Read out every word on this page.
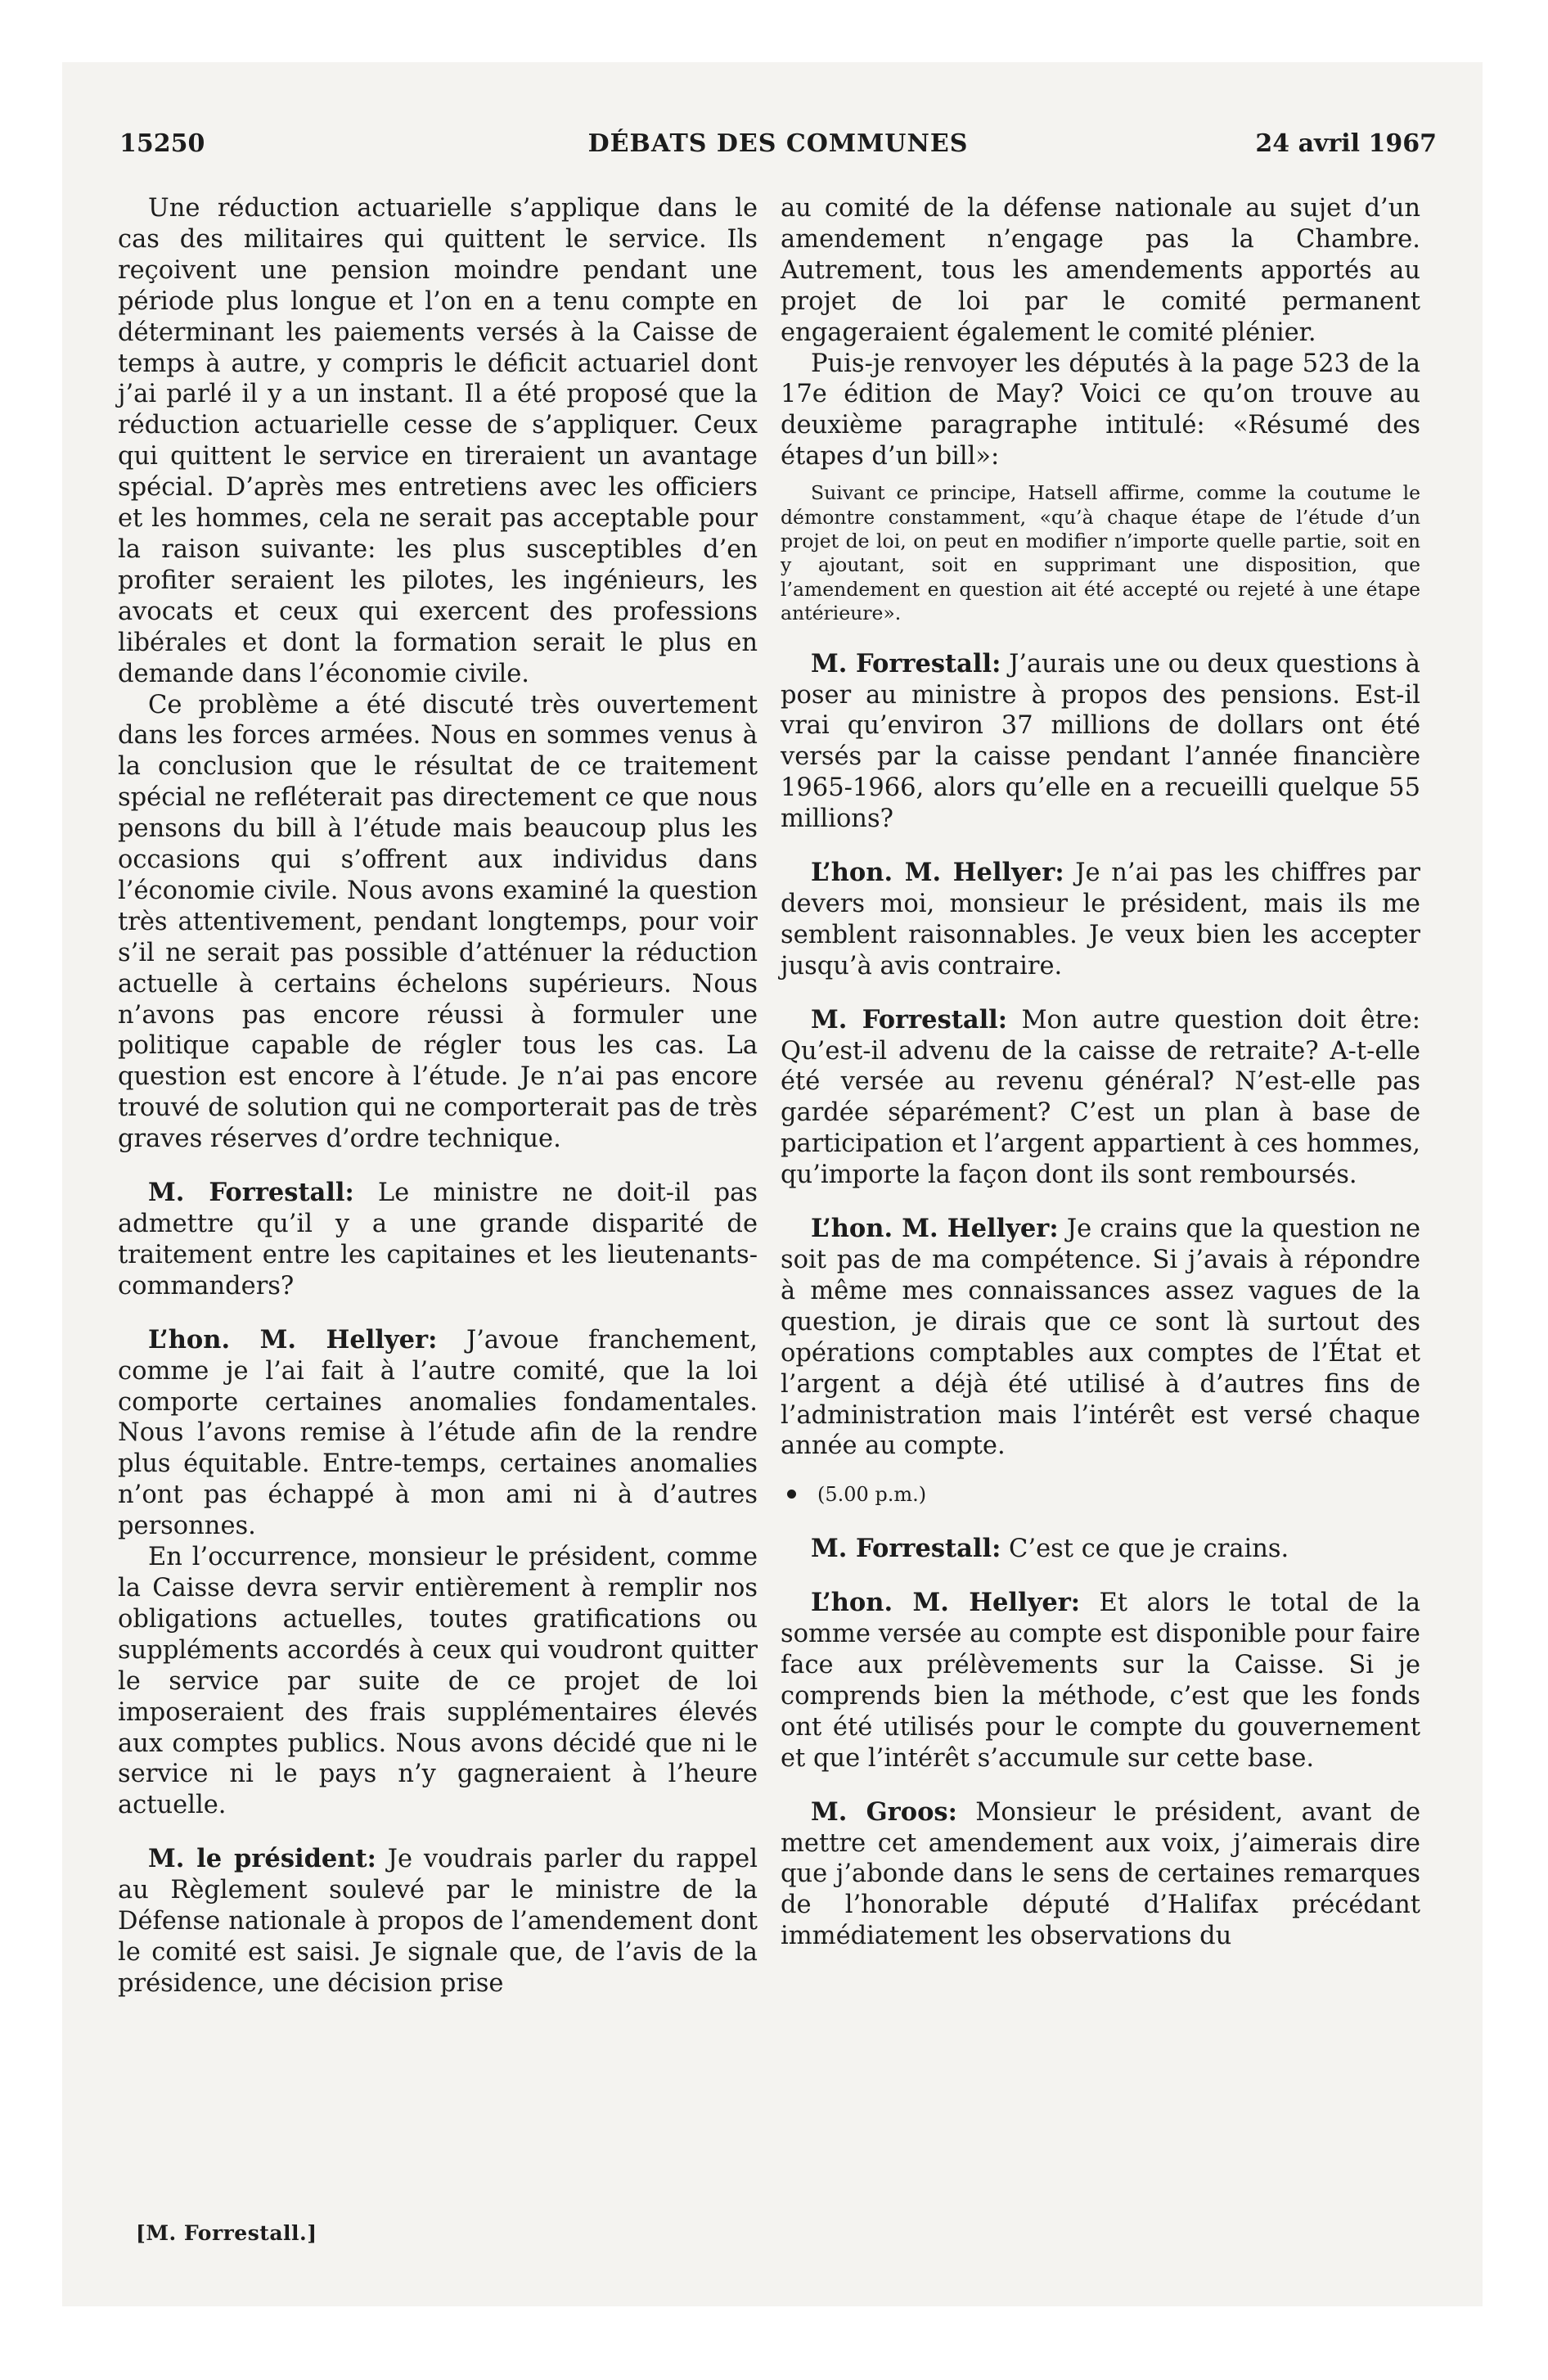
15250	DÉBATS DES COMMUNES	24 avril 1967

Une réduction actuarielle s’applique dans le cas des militaires qui quittent le service. Ils reçoivent une pension moindre pendant une période plus longue et l’on en a tenu compte en déterminant les paiements versés à la Caisse de temps à autre, y compris le déficit actuariel dont j’ai parlé il y a un instant. Il a été proposé que la réduction actuarielle cesse de s’appliquer. Ceux qui quittent le service en tireraient un avantage spécial. D’après mes entretiens avec les officiers et les hommes, cela ne serait pas acceptable pour la raison suivante: les plus susceptibles d’en profiter seraient les pilotes, les ingénieurs, les avocats et ceux qui exercent des professions libérales et dont la formation serait le plus en demande dans l’économie civile.

Ce problème a été discuté très ouvertement dans les forces armées. Nous en sommes venus à la conclusion que le résultat de ce traitement spécial ne refléterait pas directement ce que nous pensons du bill à l’étude mais beaucoup plus les occasions qui s’offrent aux individus dans l’économie civile. Nous avons examiné la question très attentivement, pendant longtemps, pour voir s’il ne serait pas possible d’atténuer la réduction actuelle à certains échelons supérieurs. Nous n’avons pas encore réussi à formuler une politique capable de régler tous les cas. La question est encore à l’étude. Je n’ai pas encore trouvé de solution qui ne comporterait pas de très graves réserves d’ordre technique.

M. Forrestall: Le ministre ne doit-il pas admettre qu’il y a une grande disparité de traitement entre les capitaines et les lieutenants-commanders?

L’hon. M. Hellyer: J’avoue franchement, comme je l’ai fait à l’autre comité, que la loi comporte certaines anomalies fondamentales. Nous l’avons remise à l’étude afin de la rendre plus équitable. Entre-temps, certaines anomalies n’ont pas échappé à mon ami ni à d’autres personnes.

En l’occurrence, monsieur le président, comme la Caisse devra servir entièrement à remplir nos obligations actuelles, toutes gratifications ou suppléments accordés à ceux qui voudront quitter le service par suite de ce projet de loi imposeraient des frais supplémentaires élevés aux comptes publics. Nous avons décidé que ni le service ni le pays n’y gagneraient à l’heure actuelle.

M. le président: Je voudrais parler du rappel au Règlement soulevé par le ministre de la Défense nationale à propos de l’amendement dont le comité est saisi. Je signale que, de l’avis de la présidence, une décision prise

[M. Forrestall.]

au comité de la défense nationale au sujet d’un amendement n’engage pas la Chambre. Autrement, tous les amendements apportés au projet de loi par le comité permanent engageraient également le comité plénier.

Puis-je renvoyer les députés à la page 523 de la 17e édition de May? Voici ce qu’on trouve au deuxième paragraphe intitulé: «Résumé des étapes d’un bill»:

Suivant ce principe, Hatsell affirme, comme la coutume le démontre constamment, «qu’à chaque étape de l’étude d’un projet de loi, on peut en modifier n’importe quelle partie, soit en y ajoutant, soit en supprimant une disposition, que l’amendement en question ait été accepté ou rejeté à une étape antérieure».

M. Forrestall: J’aurais une ou deux questions à poser au ministre à propos des pensions. Est-il vrai qu’environ 37 millions de dollars ont été versés par la caisse pendant l’année financière 1965-1966, alors qu’elle en a recueilli quelque 55 millions?

L’hon. M. Hellyer: Je n’ai pas les chiffres par devers moi, monsieur le président, mais ils me semblent raisonnables. Je veux bien les accepter jusqu’à avis contraire.

M. Forrestall: Mon autre question doit être: Qu’est-il advenu de la caisse de retraite? A-t-elle été versée au revenu général? N’est-elle pas gardée séparément? C’est un plan à base de participation et l’argent appartient à ces hommes, qu’importe la façon dont ils sont remboursés.

L’hon. M. Hellyer: Je crains que la question ne soit pas de ma compétence. Si j’avais à répondre à même mes connaissances assez vagues de la question, je dirais que ce sont là surtout des opérations comptables aux comptes de l’État et l’argent a déjà été utilisé à d’autres fins de l’administration mais l’intérêt est versé chaque année au compte.

(5.00 p.m.)

M. Forrestall: C’est ce que je crains.

L’hon. M. Hellyer: Et alors le total de la somme versée au compte est disponible pour faire face aux prélèvements sur la Caisse. Si je comprends bien la méthode, c’est que les fonds ont été utilisés pour le compte du gouvernement et que l’intérêt s’accumule sur cette base.

M. Groos: Monsieur le président, avant de mettre cet amendement aux voix, j’aimerais dire que j’abonde dans le sens de certaines remarques de l’honorable député d’Halifax précédant immédiatement les observations du
